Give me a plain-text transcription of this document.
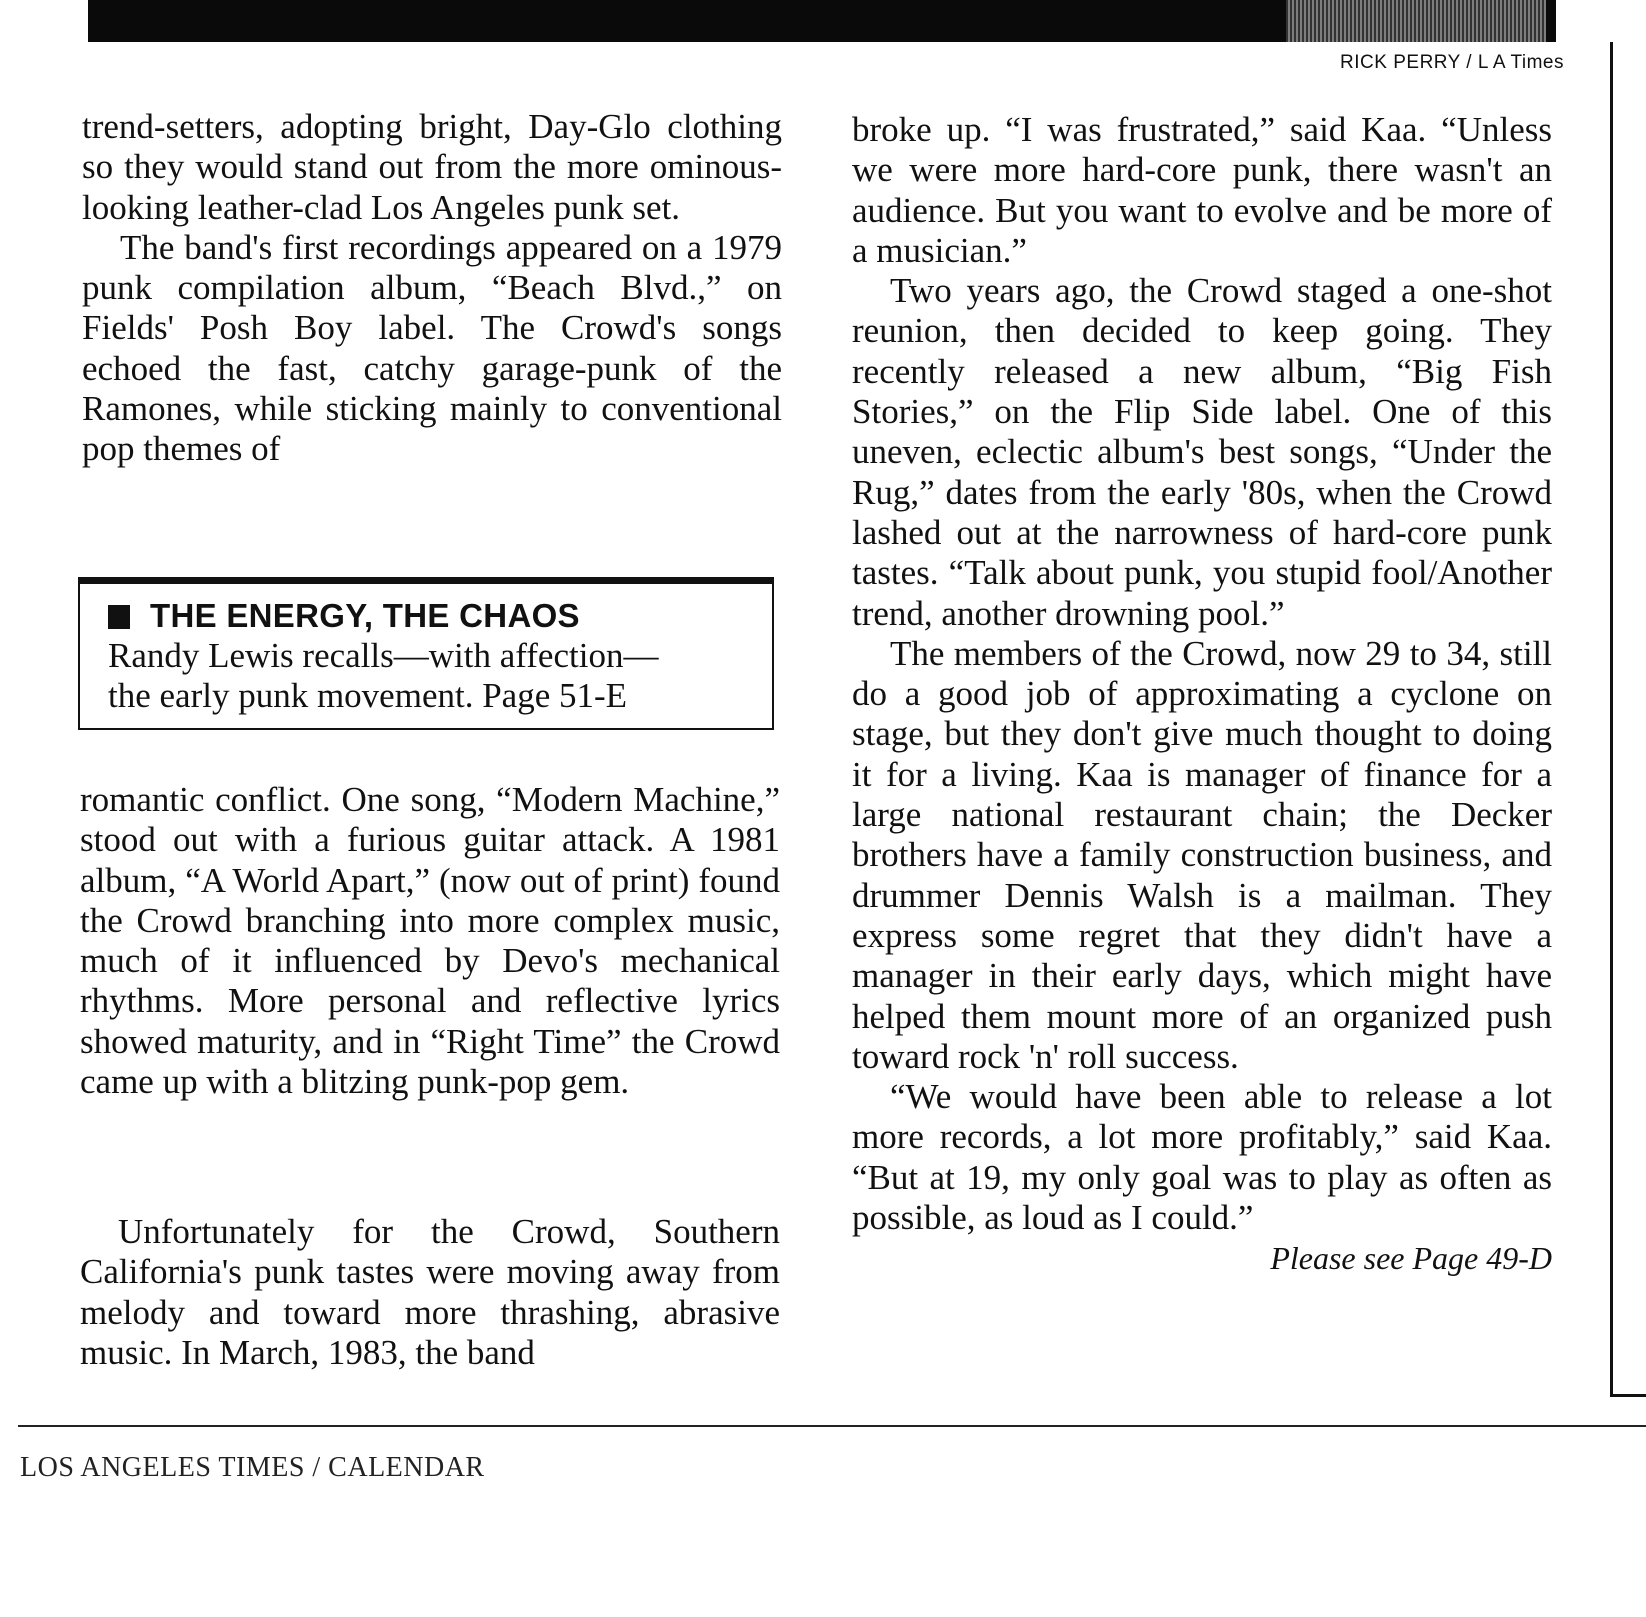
RICK PERRY / L A Times

trend-setters, adopting bright, Day-Glo clothing so they would stand out from the more ominous-looking leather-clad Los Angeles punk set.

The band's first recordings appeared on a 1979 punk compilation album, “Beach Blvd.,” on Fields' Posh Boy label. The Crowd's songs echoed the fast, catchy garage-punk of the Ramones, while sticking mainly to conventional pop themes of

THE ENERGY, THE CHAOS
Randy Lewis recalls—with affection—
the early punk movement. Page 51-E

romantic conflict. One song, “Modern Machine,” stood out with a furious guitar attack. A 1981 album, “A World Apart,” (now out of print) found the Crowd branching into more complex music, much of it influenced by Devo's mechanical rhythms. More personal and reflective lyrics showed maturity, and in “Right Time” the Crowd came up with a blitzing punk-pop gem.

Unfortunately for the Crowd, Southern California's punk tastes were moving away from melody and toward more thrashing, abrasive music. In March, 1983, the band

broke up. “I was frustrated,” said Kaa. “Unless we were more hard-core punk, there wasn't an audience. But you want to evolve and be more of a musician.”

Two years ago, the Crowd staged a one-shot reunion, then decided to keep going. They recently released a new album, “Big Fish Stories,” on the Flip Side label. One of this uneven, eclectic album's best songs, “Under the Rug,” dates from the early '80s, when the Crowd lashed out at the narrowness of hard-core punk tastes. “Talk about punk, you stupid fool/Another trend, another drowning pool.”

The members of the Crowd, now 29 to 34, still do a good job of approximating a cyclone on stage, but they don't give much thought to doing it for a living. Kaa is manager of finance for a large national restaurant chain; the Decker brothers have a family construction business, and drummer Dennis Walsh is a mailman. They express some regret that they didn't have a manager in their early days, which might have helped them mount more of an organized push toward rock 'n' roll success.

“We would have been able to release a lot more records, a lot more profitably,” said Kaa. “But at 19, my only goal was to play as often as possible, as loud as I could.”

Please see Page 49-D

LOS ANGELES TIMES / CALENDAR
